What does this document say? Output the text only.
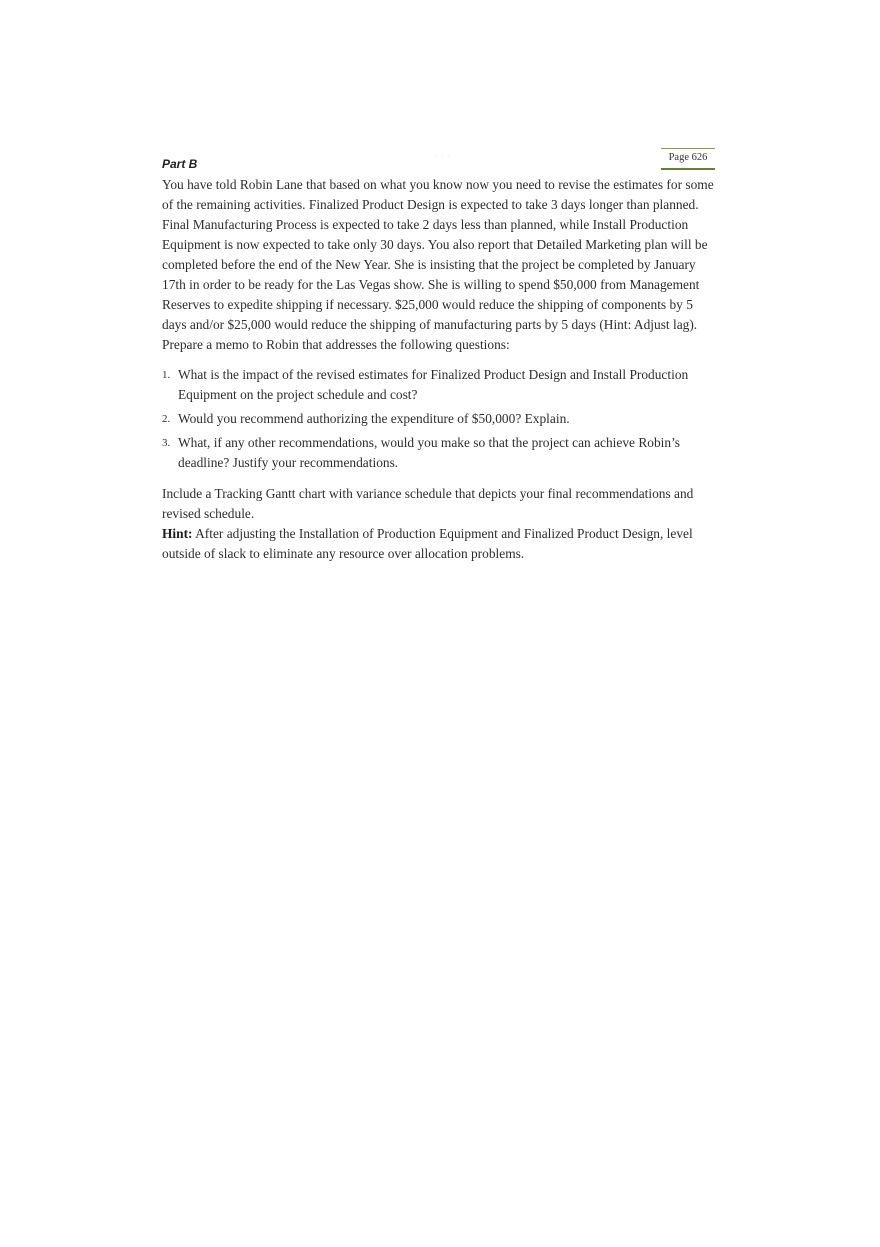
Page 626
· · ·
Part B

You have told Robin Lane that based on what you know now you need to revise the estimates for some of the remaining activities. Finalized Product Design is expected to take 3 days longer than planned. Final Manufacturing Process is expected to take 2 days less than planned, while Install Production Equipment is now expected to take only 30 days. You also report that Detailed Marketing plan will be completed before the end of the New Year. She is insisting that the project be completed by January 17th in order to be ready for the Las Vegas show. She is willing to spend $50,000 from Management Reserves to expedite shipping if necessary. $25,000 would reduce the shipping of components by 5 days and/or $25,000 would reduce the shipping of manufacturing parts by 5 days (Hint: Adjust lag). Prepare a memo to Robin that addresses the following questions:

1. What is the impact of the revised estimates for Finalized Product Design and Install Production Equipment on the project schedule and cost?
2. Would you recommend authorizing the expenditure of $50,000? Explain.
3. What, if any other recommendations, would you make so that the project can achieve Robin’s deadline? Justify your recommendations.

Include a Tracking Gantt chart with variance schedule that depicts your final recommendations and revised schedule.

Hint: After adjusting the Installation of Production Equipment and Finalized Product Design, level outside of slack to eliminate any resource over allocation problems.
